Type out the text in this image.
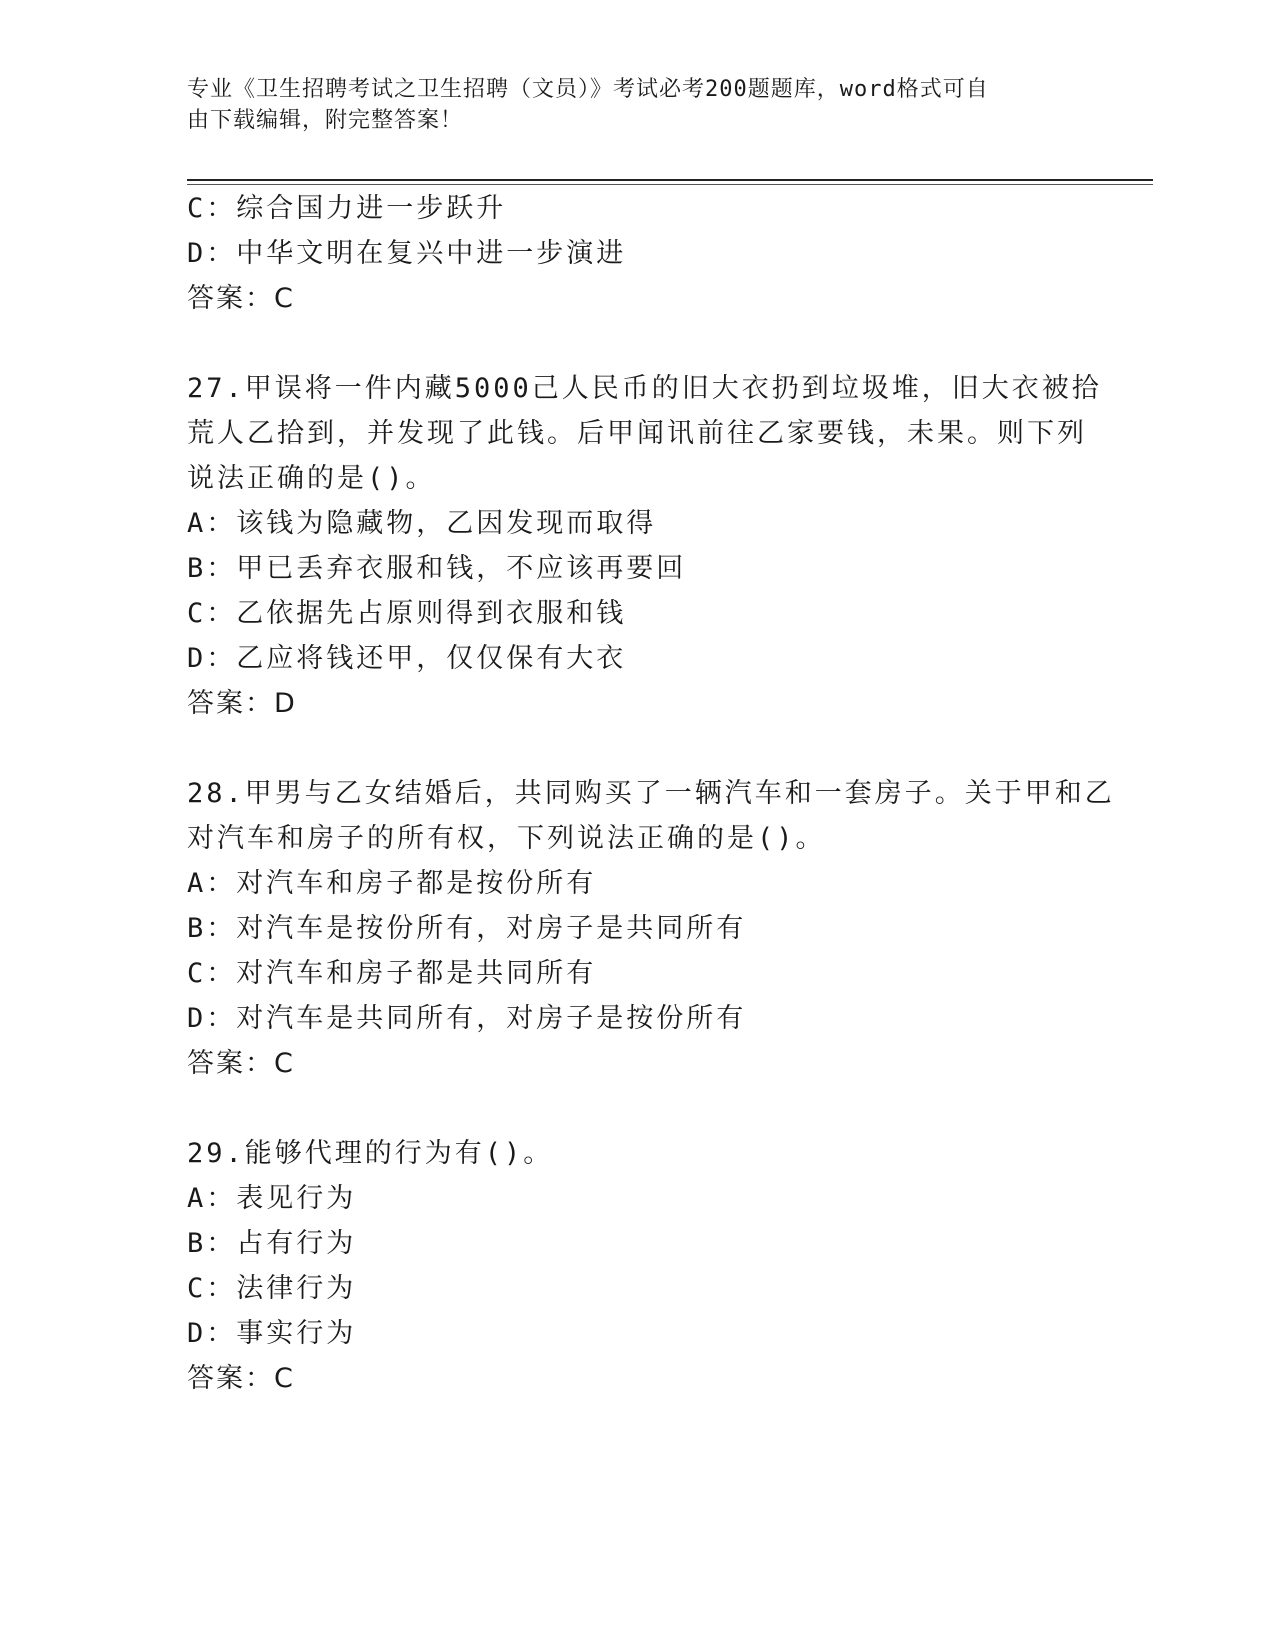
专业《卫生招聘考试之卫生招聘（文员）》考试必考200题题库，word格式可自
由下载编辑，附完整答案！
C：综合国力进一步跃升
D：中华文明在复兴中进一步演进
答案：C
27.甲误将一件内藏5000己人民币的旧大衣扔到垃圾堆，旧大衣被拾
荒人乙拾到，并发现了此钱。后甲闻讯前往乙家要钱，未果。则下列
说法正确的是()。
A：该钱为隐藏物，乙因发现而取得
B：甲已丢弃衣服和钱，不应该再要回
C：乙依据先占原则得到衣服和钱
D：乙应将钱还甲，仅仅保有大衣
答案：D
28.甲男与乙女结婚后，共同购买了一辆汽车和一套房子。关于甲和乙
对汽车和房子的所有权，下列说法正确的是()。
A：对汽车和房子都是按份所有
B：对汽车是按份所有，对房子是共同所有
C：对汽车和房子都是共同所有
D：对汽车是共同所有，对房子是按份所有
答案：C
29.能够代理的行为有()。
A：表见行为
B：占有行为
C：法律行为
D：事实行为
答案：C
